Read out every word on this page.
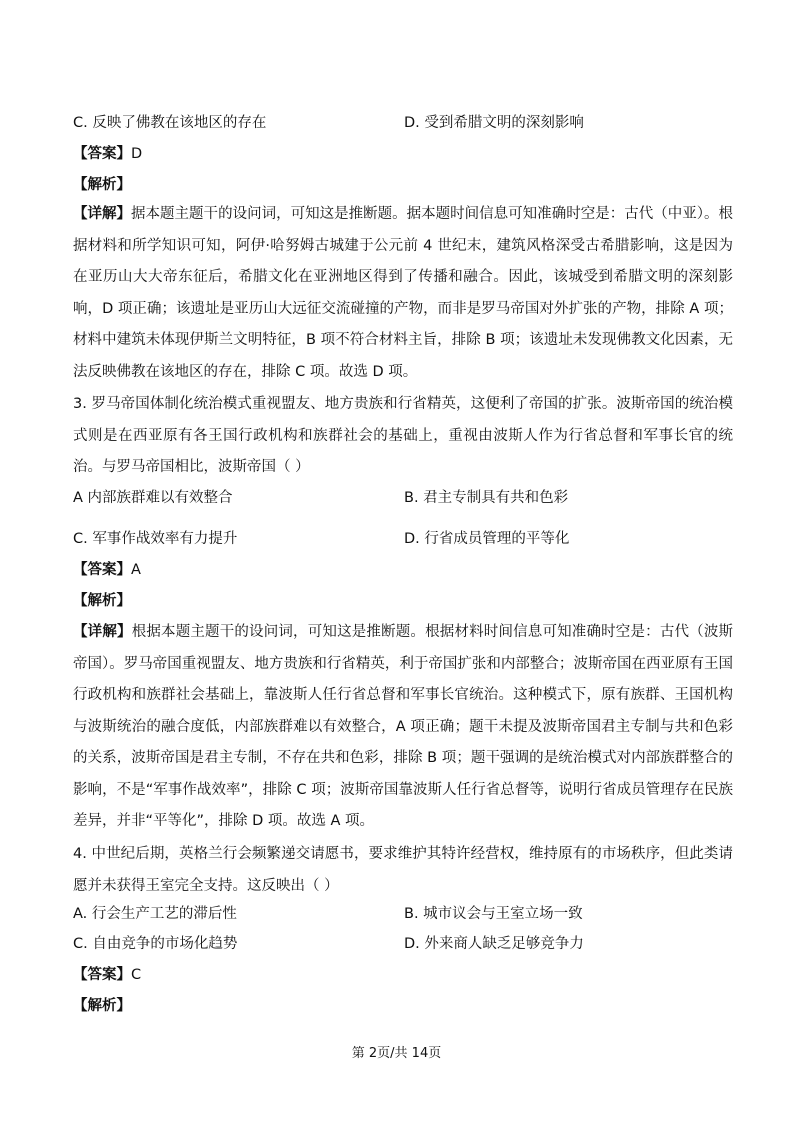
C. 反映了佛教在该地区的存在	D. 受到希腊文明的深刻影响
【答案】D
【解析】
【详解】据本题主题干的设问词，可知这是推断题。据本题时间信息可知准确时空是：古代（中亚）。根据材料和所学知识可知，阿伊·哈努姆古城建于公元前 4 世纪末，建筑风格深受古希腊影响，这是因为在亚历山大大帝东征后，希腊文化在亚洲地区得到了传播和融合。因此，该城受到希腊文明的深刻影响，D 项正确；该遗址是亚历山大远征交流碰撞的产物，而非是罗马帝国对外扩张的产物，排除 A 项；材料中建筑未体现伊斯兰文明特征，B 项不符合材料主旨，排除 B 项；该遗址未发现佛教文化因素，无法反映佛教在该地区的存在，排除 C 项。故选 D 项。
3. 罗马帝国体制化统治模式重视盟友、地方贵族和行省精英，这便利了帝国的扩张。波斯帝国的统治模式则是在西亚原有各王国行政机构和族群社会的基础上，重视由波斯人作为行省总督和军事长官的统治。与罗马帝国相比，波斯帝国（ ）
A 内部族群难以有效整合	B. 君主专制具有共和色彩
C. 军事作战效率有力提升	D. 行省成员管理的平等化
【答案】A
【解析】
【详解】根据本题主题干的设问词，可知这是推断题。根据材料时间信息可知准确时空是：古代（波斯帝国）。罗马帝国重视盟友、地方贵族和行省精英，利于帝国扩张和内部整合；波斯帝国在西亚原有王国行政机构和族群社会基础上，靠波斯人任行省总督和军事长官统治。这种模式下，原有族群、王国机构与波斯统治的融合度低，内部族群难以有效整合，A 项正确；题干未提及波斯帝国君主专制与共和色彩的关系，波斯帝国是君主专制，不存在共和色彩，排除 B 项；题干强调的是统治模式对内部族群整合的影响，不是“军事作战效率”，排除 C 项；波斯帝国靠波斯人任行省总督等，说明行省成员管理存在民族差异，并非“平等化”，排除 D 项。故选 A 项。
4. 中世纪后期，英格兰行会频繁递交请愿书，要求维护其特许经营权，维持原有的市场秩序，但此类请愿并未获得王室完全支持。这反映出（ ）
A. 行会生产工艺的滞后性	B. 城市议会与王室立场一致
C. 自由竞争的市场化趋势	D. 外来商人缺乏足够竞争力
【答案】C
【解析】
第 2页/共 14页
